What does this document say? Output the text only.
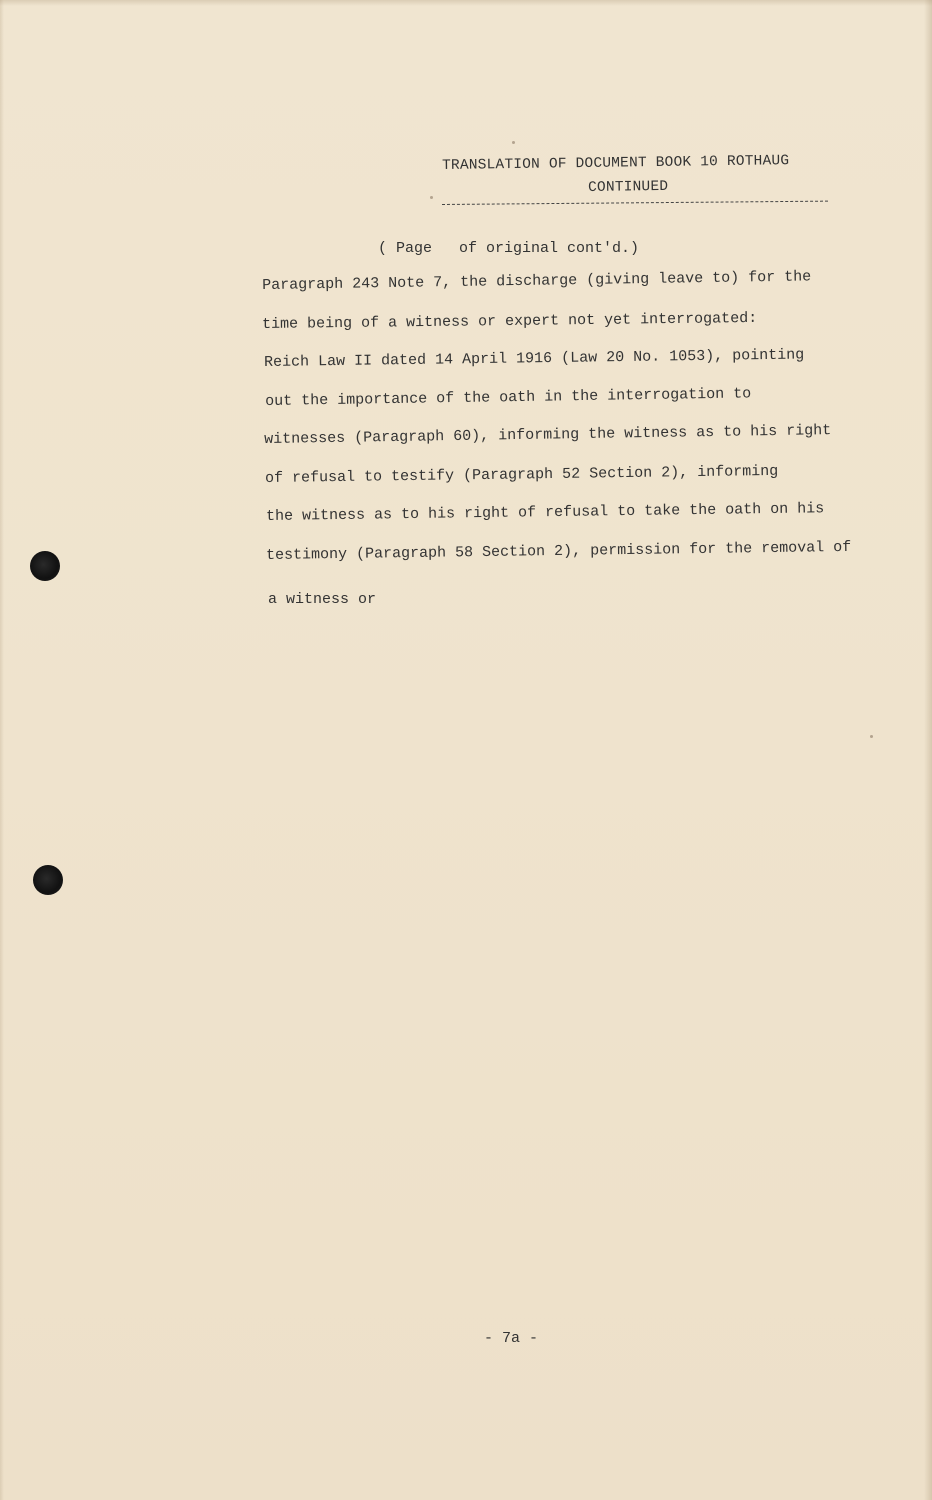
TRANSLATION OF DOCUMENT BOOK 10 ROTHAUG
CONTINUED
( Page   of original cont'd.)
Paragraph 243 Note 7, the discharge (giving leave to) for the
time being of a witness or expert not yet interrogated:
Reich Law II dated 14 April 1916 (Law 20 No. 1053), pointing
out the importance of the oath in the interrogation to
witnesses (Paragraph 60), informing the witness as to his right
of refusal to testify (Paragraph 52 Section 2), informing
the witness as to his right of refusal to take the oath on his
testimony (Paragraph 58 Section 2), permission for the removal of
a witness or
- 7a -
